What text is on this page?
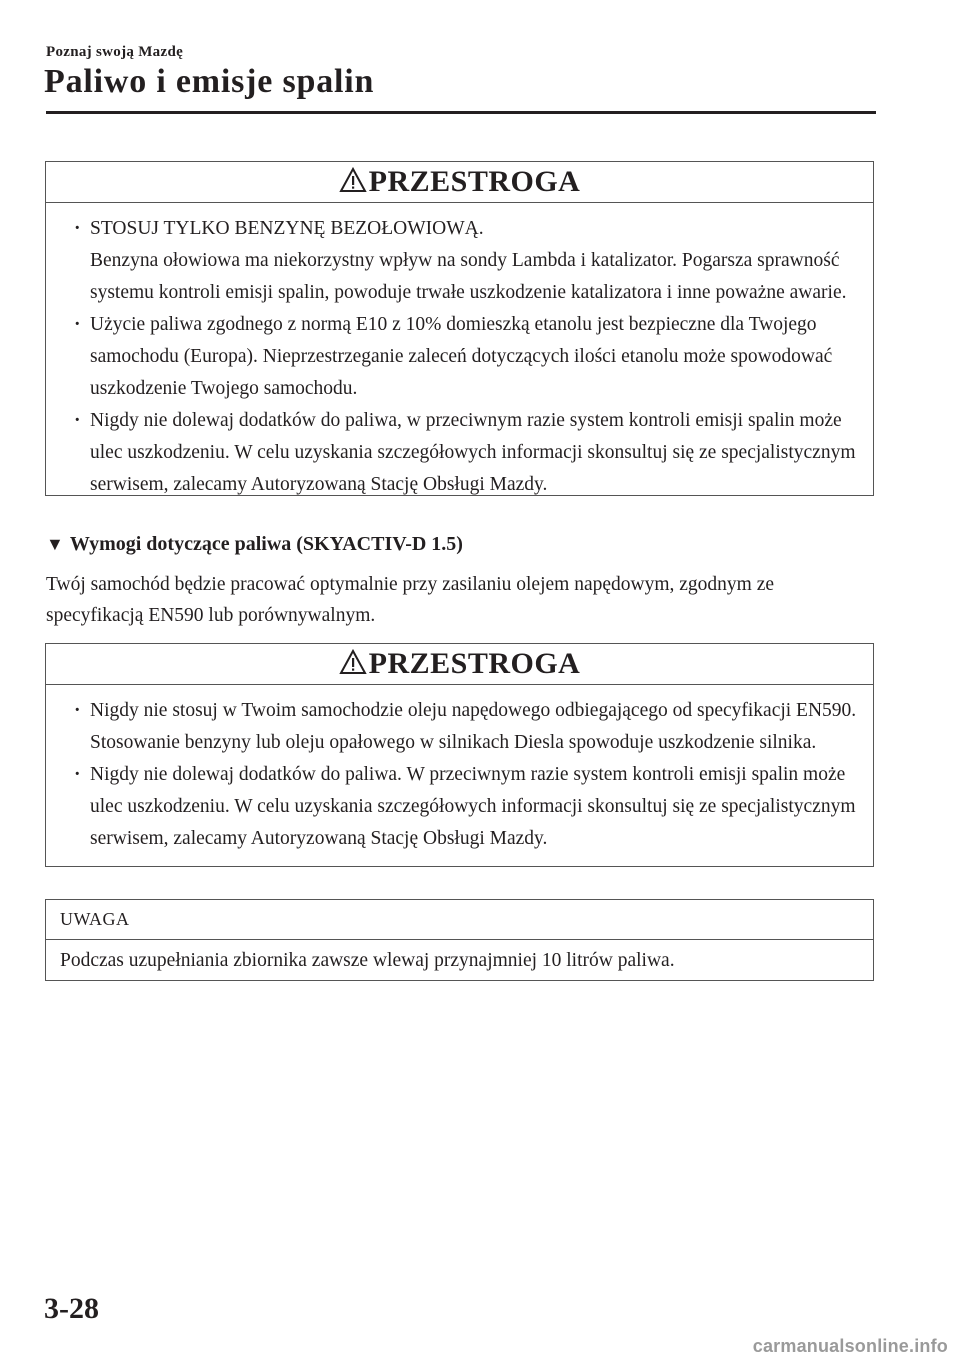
Poznaj swoją Mazdę
Paliwo i emisje spalin
PRZESTROGA
· STOSUJ TYLKO BENZYNĘ BEZOŁOWIOWĄ.
Benzyna ołowiowa ma niekorzystny wpływ na sondy Lambda i katalizator. Pogarsza sprawność systemu kontroli emisji spalin, powoduje trwałe uszkodzenie katalizatora i inne poważne awarie.
· Użycie paliwa zgodnego z normą E10 z 10% domieszką etanolu jest bezpieczne dla Twojego samochodu (Europa). Nieprzestrzeganie zaleceń dotyczących ilości etanolu może spowodować uszkodzenie Twojego samochodu.
· Nigdy nie dolewaj dodatków do paliwa, w przeciwnym razie system kontroli emisji spalin może ulec uszkodzeniu. W celu uzyskania szczegółowych informacji skonsultuj się ze specjalistycznym serwisem, zalecamy Autoryzowaną Stację Obsługi Mazdy.
▼ Wymogi dotyczące paliwa (SKYACTIV-D 1.5)
Twój samochód będzie pracować optymalnie przy zasilaniu olejem napędowym, zgodnym ze specyfikacją EN590 lub porównywalnym.
PRZESTROGA
· Nigdy nie stosuj w Twoim samochodzie oleju napędowego odbiegającego od specyfikacji EN590. Stosowanie benzyny lub oleju opałowego w silnikach Diesla spowoduje uszkodzenie silnika.
· Nigdy nie dolewaj dodatków do paliwa. W przeciwnym razie system kontroli emisji spalin może ulec uszkodzeniu. W celu uzyskania szczegółowych informacji skonsultuj się ze specjalistycznym serwisem, zalecamy Autoryzowaną Stację Obsługi Mazdy.
UWAGA
Podczas uzupełniania zbiornika zawsze wlewaj przynajmniej 10 litrów paliwa.
3-28
carmanualsonline.info
